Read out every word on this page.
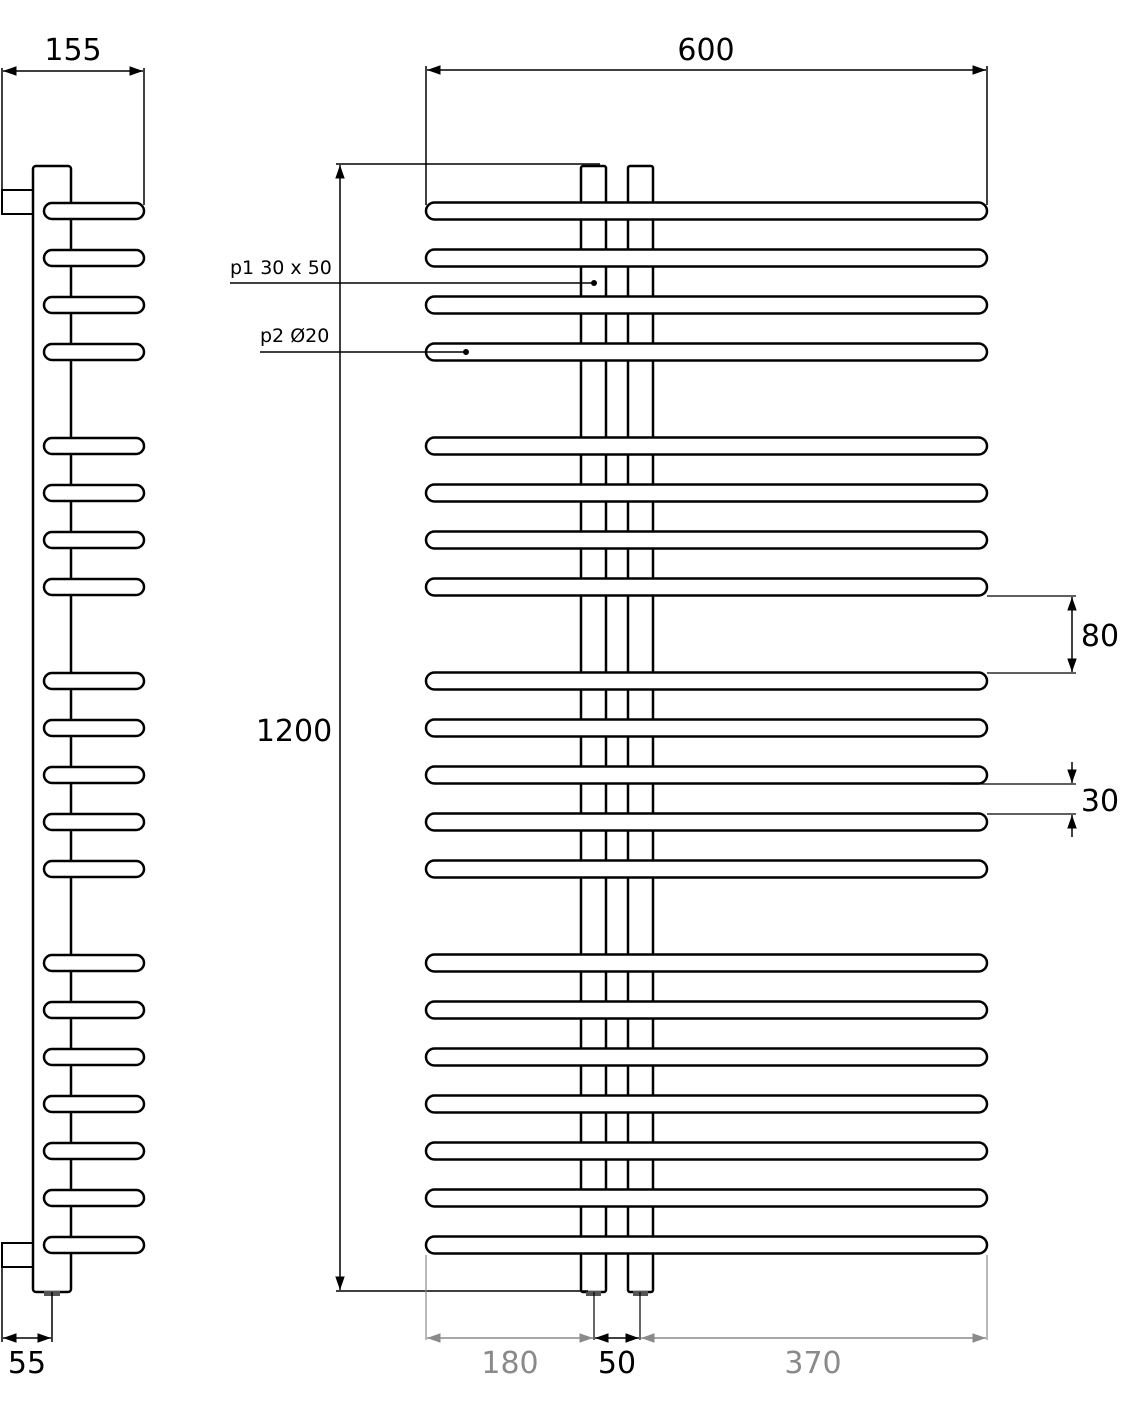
155
55
600
1200
p1 30 x 50
p2 Ø20
80
30
180 50	370
